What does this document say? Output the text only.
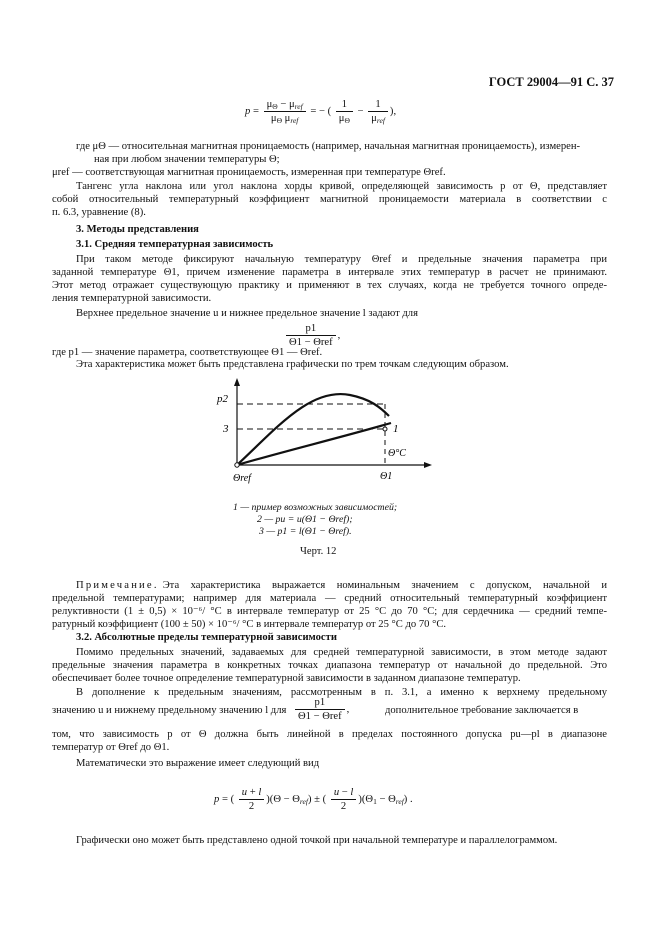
ГОСТ 29004—91 С. 37
$p = \frac{\mu_\Theta - \mu_{ref}}{\mu_\Theta \mu_{ref}}$ = − ( $\frac{1}{\mu_\Theta} - \frac{1}{\mu_{ref}}$ ),
где μΘ — относительная магнитная проницаемость (например, начальная магнитная проницаемость), измерен-
ная при любом значении температуры Θ;
μref — соответствующая магнитная проницаемость, измеренная при температуре Θref.
Тангенс угла наклона или угол наклона хорды кривой, определяющей зависимость p от Θ, представляет
собой относительный температурный коэффициент магнитной проницаемости материала в соответствии с
п. 6.3, уравнение (8).
3. Методы представления
3.1. Средняя температурная зависимость
При таком методе фиксируют начальную температуру Θref и предельные значения параметра при
заданной температуре Θ1, причем изменение параметра в интервале этих температур в расчет не принимают.
Этот метод отражает существующую практику и применяют в тех случаях, когда не требуется точного опреде-
ления температурной зависимости.
Верхнее предельное значение u и нижнее предельное значение l задают для
$\frac{p1}{\text{Θ1 − Θref}}$ ,
где p1 — значение параметра, соответствующее Θ1 — Θref.
Эта характеристика может быть представлена графически по трем точкам следующим образом.
p2
3	1
Θ°C
Θref	Θ1
1 — пример возможных зависимостей;
2 — pu = u(Θ1 − Θref);
3 — p1 = l(Θ1 − Θref).
Черт. 12
Примечание. Эта характеристика выражается номинальным значением с допуском, начальной и
предельной температурами; например для материала — средний относительный температурный коэффициент
релуктивности (1 ± 0,5) × 10⁻⁶/ °С в интервале температур от 25 °С до 70 °С; для сердечника — средний темпе-
ратурный коэффициент (100 ± 50) × 10⁻⁶/ °С в интервале температур от 25 °С до 70 °С.
3.2. Абсолютные пределы температурной зависимости
Помимо предельных значений, задаваемых для средней температурной зависимости, в этом методе задают
предельные значения параметра в конкретных точках диапазона температур от начальной до предельной. Это
обеспечивает более точное определение температурной зависимости в заданном диапазоне температур.
В дополнение к предельным значениям, рассмотренным в п. 3.1, а именно к верхнему предельному
значению u и нижнему предельному значению l для $\frac{p1}{\text{Θ1 − Θref}}$ ,	дополнительное требование заключается в
том, что зависимость p от Θ должна быть линейной в пределах постоянного допуска pu—pl в диапазоне
температур от Θref до Θ1.
Математически это выражение имеет следующий вид
p = ( $\frac{u + l}{2} )(\Theta - \Theta_{ref})$ ± ( $\frac{u - l}{2} )(\Theta_1 - \Theta_{ref})$ .
Графически оно может быть представлено одной точкой при начальной температуре и параллелограммом.
